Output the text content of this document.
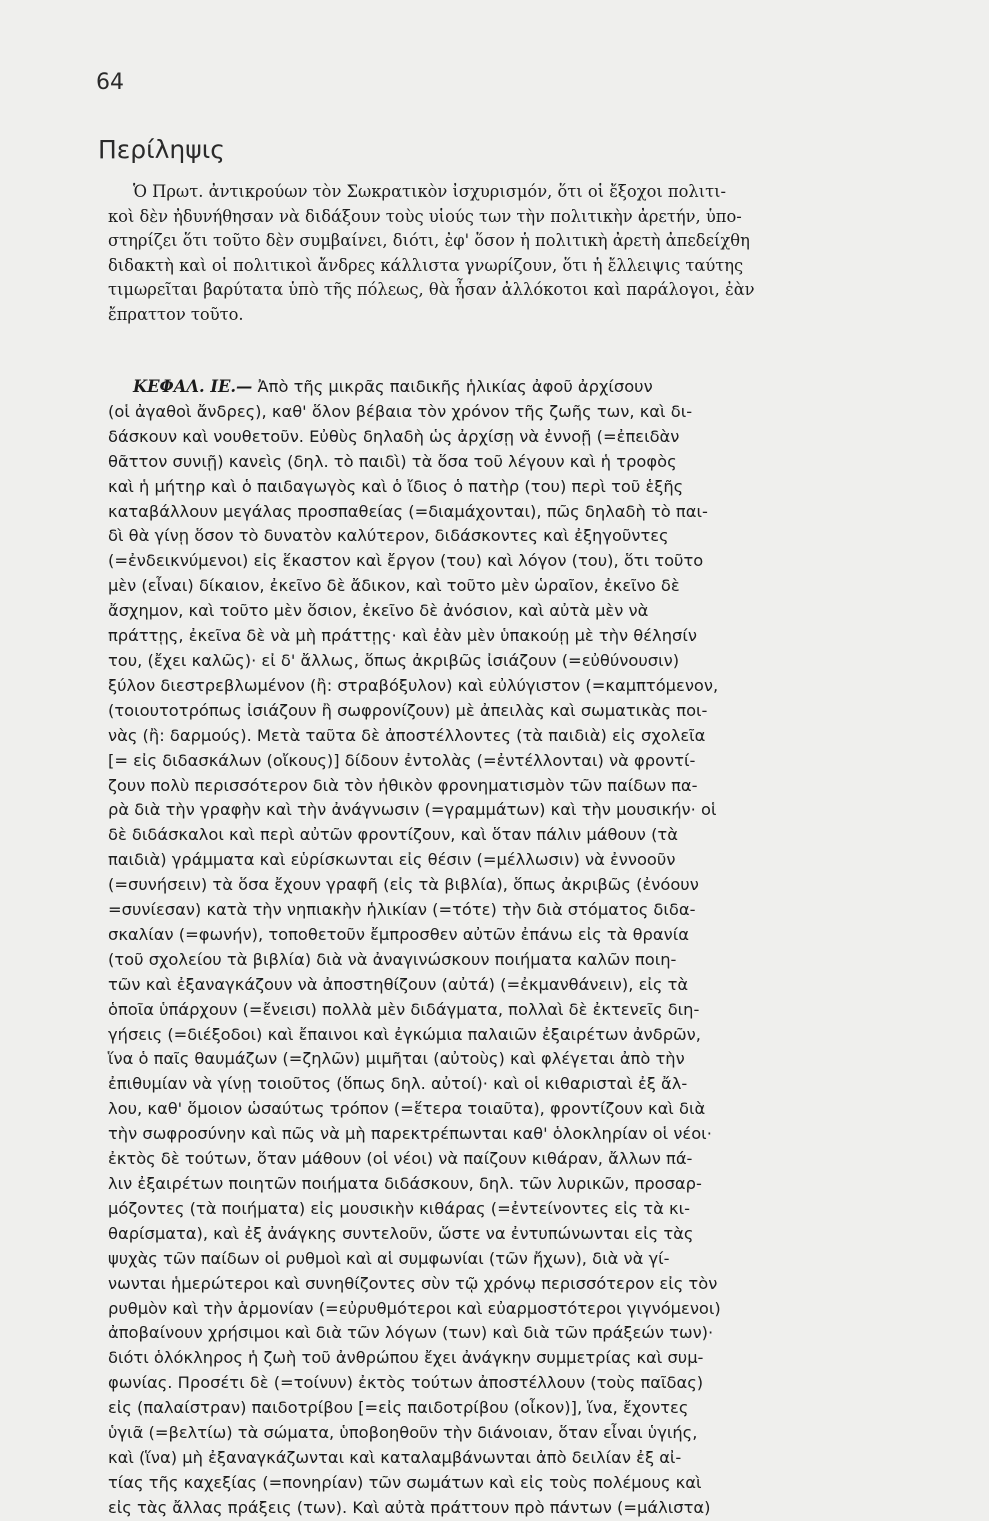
64
Περίληψις
Ὁ Πρωτ. ἀντικρούων τὸν Σωκρατικὸν ἰσχυρισμόν, ὅτι οἱ ἔξοχοι πολιτι-
κοὶ δὲν ἠδυνήθησαν νὰ διδάξουν τοὺς υἱούς των τὴν πολιτικὴν ἀρετήν, ὑπο-
στηρίζει ὅτι τοῦτο δὲν συμβαίνει, διότι, ἐφ' ὅσον ἡ πολιτικὴ ἀρετὴ ἀπεδείχθη
διδακτὴ καὶ οἱ πολιτικοὶ ἄνδρες κάλλιστα γνωρίζουν, ὅτι ἡ ἔλλειψις ταύτης
τιμωρεῖται βαρύτατα ὑπὸ τῆς πόλεως, θὰ ἦσαν ἀλλόκοτοι καὶ παράλογοι, ἐὰν
ἔπραττον τοῦτο.
ΚΕΦΑΛ. ΙΕ.— Ἀπὸ τῆς μικρᾶς παιδικῆς ἡλικίας ἀφοῦ ἀρχίσουν
(οἱ ἀγαθοὶ ἄνδρες), καθ' ὅλον βέβαια τὸν χρόνον τῆς ζωῆς των, καὶ δι-
δάσκουν καὶ νουθετοῦν. Εὐθὺς δηλαδὴ ὡς ἀρχίσῃ νὰ ἐννοῇ (=ἐπειδὰν
θᾶττον συνιῇ) κανεὶς (δηλ. τὸ παιδὶ) τὰ ὅσα τοῦ λέγουν καὶ ἡ τροφὸς
καὶ ἡ μήτηρ καὶ ὁ παιδαγωγὸς καὶ ὁ ἴδιος ὁ πατὴρ (του) περὶ τοῦ ἑξῆς
καταβάλλουν μεγάλας προσπαθείας (=διαμάχονται), πῶς δηλαδὴ τὸ παι-
δὶ θὰ γίνῃ ὅσον τὸ δυνατὸν καλύτερον, διδάσκοντες καὶ ἐξηγοῦντες
(=ἐνδεικνύμενοι) εἰς ἕκαστον καὶ ἔργον (του) καὶ λόγον (του), ὅτι τοῦτο
μὲν (εἶναι) δίκαιον, ἐκεῖνο δὲ ἄδικον, καὶ τοῦτο μὲν ὡραῖον, ἐκεῖνο δὲ
ἄσχημον, καὶ τοῦτο μὲν ὅσιον, ἐκεῖνο δὲ ἀνόσιον, καὶ αὐτὰ μὲν νὰ
πράττῃς, ἐκεῖνα δὲ νὰ μὴ πράττῃς· καὶ ἐὰν μὲν ὑπακούῃ μὲ τὴν θέλησίν
του, (ἔχει καλῶς)· εἰ δ' ἄλλως, ὅπως ἀκριβῶς ἰσιάζουν (=εὐθύνουσιν)
ξύλον διεστρεβλωμένον (ἢ: στραβόξυλον) καὶ εὐλύγιστον (=καμπτόμενον,
(τοιουτοτρόπως ἰσιάζουν ἢ σωφρονίζουν) μὲ ἀπειλὰς καὶ σωματικὰς ποι-
νὰς (ἢ: δαρμούς). Μετὰ ταῦτα δὲ ἀποστέλλοντες (τὰ παιδιὰ) εἰς σχολεῖα
[= εἰς διδασκάλων (οἴκους)] δίδουν ἐντολὰς (=ἐντέλλονται) νὰ φροντί-
ζουν πολὺ περισσότερον διὰ τὸν ἠθικὸν φρονηματισμὸν τῶν παίδων πα-
ρὰ διὰ τὴν γραφὴν καὶ τὴν ἀνάγνωσιν (=γραμμάτων) καὶ τὴν μουσικήν· οἱ
δὲ διδάσκαλοι καὶ περὶ αὐτῶν φροντίζουν, καὶ ὅταν πάλιν μάθουν (τὰ
παιδιὰ) γράμματα καὶ εὑρίσκωνται εἰς θέσιν (=μέλλωσιν) νὰ ἐννοοῦν
(=συνήσειν) τὰ ὅσα ἔχουν γραφῆ (εἰς τὰ βιβλία), ὅπως ἀκριβῶς (ἐνόουν
=συνίεσαν) κατὰ τὴν νηπιακὴν ἡλικίαν (=τότε) τὴν διὰ στόματος διδα-
σκαλίαν (=φωνήν), τοποθετοῦν ἔμπροσθεν αὐτῶν ἐπάνω εἰς τὰ θρανία
(τοῦ σχολείου τὰ βιβλία) διὰ νὰ ἀναγινώσκουν ποιήματα καλῶν ποιη-
τῶν καὶ ἐξαναγκάζουν νὰ ἀποστηθίζουν (αὐτά) (=ἐκμανθάνειν), εἰς τὰ
ὁποῖα ὑπάρχουν (=ἔνεισι) πολλὰ μὲν διδάγματα, πολλαὶ δὲ ἐκτενεῖς διη-
γήσεις (=διέξοδοι) καὶ ἔπαινοι καὶ ἐγκώμια παλαιῶν ἐξαιρέτων ἀνδρῶν,
ἵνα ὁ παῖς θαυμάζων (=ζηλῶν) μιμῆται (αὐτοὺς) καὶ φλέγεται ἀπὸ τὴν
ἐπιθυμίαν νὰ γίνῃ τοιοῦτος (ὅπως δηλ. αὐτοί)· καὶ οἱ κιθαρισταὶ ἐξ ἄλ-
λου, καθ' ὅμοιον ὡσαύτως τρόπον (=ἕτερα τοιαῦτα), φροντίζουν καὶ διὰ
τὴν σωφροσύνην καὶ πῶς νὰ μὴ παρεκτρέπωνται καθ' ὁλοκληρίαν οἱ νέοι·
ἐκτὸς δὲ τούτων, ὅταν μάθουν (οἱ νέοι) νὰ παίζουν κιθάραν, ἄλλων πά-
λιν ἐξαιρέτων ποιητῶν ποιήματα διδάσκουν, δηλ. τῶν λυρικῶν, προσαρ-
μόζοντες (τὰ ποιήματα) εἰς μουσικὴν κιθάρας (=ἐντείνοντες εἰς τὰ κι-
θαρίσματα), καὶ ἐξ ἀνάγκης συντελοῦν, ὥστε να ἐντυπώνωνται εἰς τὰς
ψυχὰς τῶν παίδων οἱ ρυθμοὶ καὶ αἱ συμφωνίαι (τῶν ἤχων), διὰ νὰ γί-
νωνται ἡμερώτεροι καὶ συνηθίζοντες σὺν τῷ χρόνῳ περισσότερον εἰς τὸν
ρυθμὸν καὶ τὴν ἁρμονίαν (=εὐρυθμότεροι καὶ εὐαρμοστότεροι γιγνόμενοι)
ἀποβαίνουν χρήσιμοι καὶ διὰ τῶν λόγων (των) καὶ διὰ τῶν πράξεών των)·
διότι ὁλόκληρος ἡ ζωὴ τοῦ ἀνθρώπου ἔχει ἀνάγκην συμμετρίας καὶ συμ-
φωνίας. Προσέτι δὲ (=τοίνυν) ἐκτὸς τούτων ἀποστέλλουν (τοὺς παῖδας)
εἰς (παλαίστραν) παιδοτρίβου [=εἰς παιδοτρίβου (οἶκον)], ἵνα, ἔχοντες
ὑγιᾶ (=βελτίω) τὰ σώματα, ὑποβοηθοῦν τὴν διάνοιαν, ὅταν εἶναι ὑγιής,
καὶ (ἵνα) μὴ ἐξαναγκάζωνται καὶ καταλαμβάνωνται ἀπὸ δειλίαν ἐξ αἰ-
τίας τῆς καχεξίας (=πονηρίαν) τῶν σωμάτων καὶ εἰς τοὺς πολέμους καὶ
εἰς τὰς ἄλλας πράξεις (των). Καὶ αὐτὰ πράττουν πρὸ πάντων (=μάλιστα)
